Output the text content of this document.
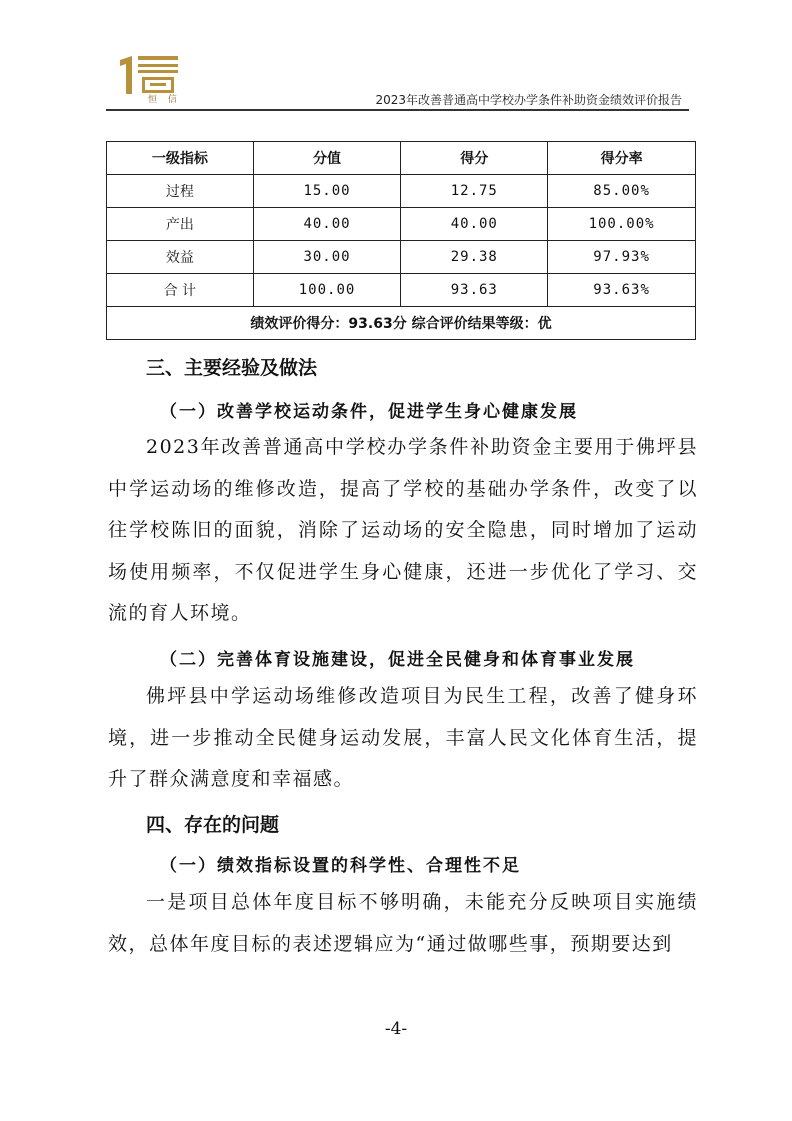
恒 信	2023年改善普通高中学校办学条件补助资金绩效评价报告
一级指标	分值	得分	得分率
过程	15.00	12.75	85.00%
产出	40.00	40.00	100.00%
效益	30.00	29.38	97.93%
合 计	100.00	93.63	93.63%
绩效评价得分：93.63分 综合评价结果等级：优			
三、主要经验及做法
（一）改善学校运动条件，促进学生身心健康发展
2023年改善普通高中学校办学条件补助资金主要用于佛坪县中学运动场的维修改造，提高了学校的基础办学条件，改变了以往学校陈旧的面貌，消除了运动场的安全隐患，同时增加了运动场使用频率，不仅促进学生身心健康，还进一步优化了学习、交流的育人环境。
（二）完善体育设施建设，促进全民健身和体育事业发展
佛坪县中学运动场维修改造项目为民生工程，改善了健身环境，进一步推动全民健身运动发展，丰富人民文化体育生活，提升了群众满意度和幸福感。
四、存在的问题
（一）绩效指标设置的科学性、合理性不足
一是项目总体年度目标不够明确，未能充分反映项目实施绩效，总体年度目标的表述逻辑应为“通过做哪些事，预期要达到
-4-
